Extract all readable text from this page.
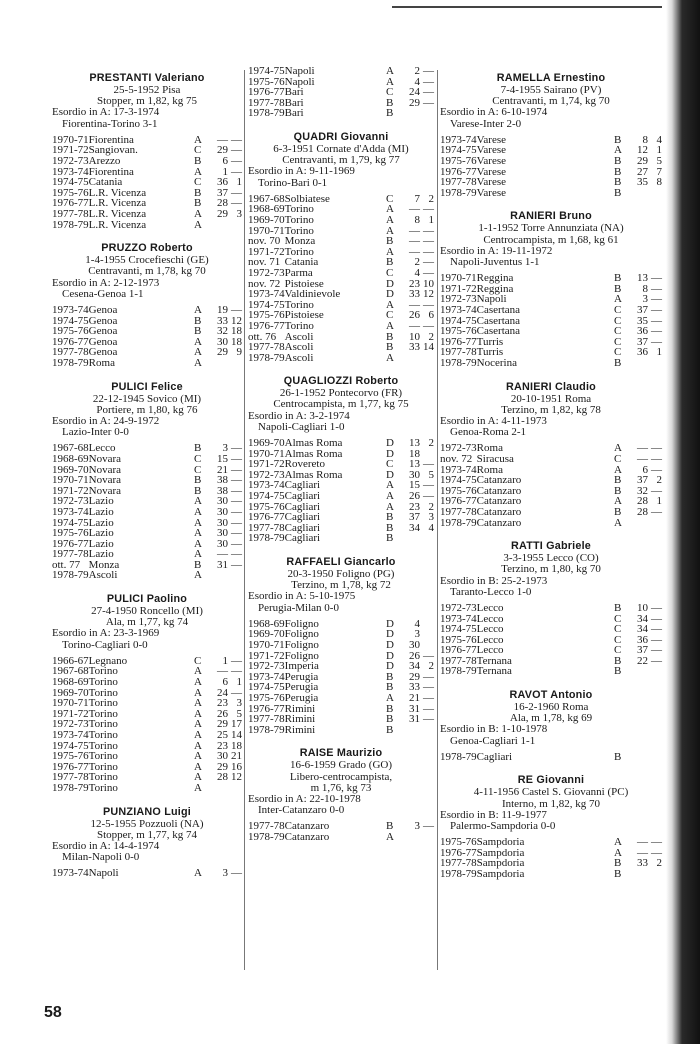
PRESTANTI Valeriano
25-5-1952 Pisa
Stopper, m 1,82, kg 75
Esordio in A: 17-3-1974
Fiorentina-Torino 3-1
1970-71	Fiorentina	A	—	—
1971-72	Sangiovan.	C	29	—
1972-73	Arezzo	B	6	—
1973-74	Fiorentina	A	1	—
1974-75	Catania	C	36	1
1975-76	L.R. Vicenza	B	37	—
1976-77	L.R. Vicenza	B	28	—
1977-78	L.R. Vicenza	A	29	3
1978-79	L.R. Vicenza	A		
PRUZZO Roberto
1-4-1955 Crocefieschi (GE)
Centravanti, m 1,78, kg 70
Esordio in A: 2-12-1973
Cesena-Genoa 1-1
1973-74	Genoa	A	19	—
1974-75	Genoa	B	33	12
1975-76	Genoa	B	32	18
1976-77	Genoa	A	30	18
1977-78	Genoa	A	29	9
1978-79	Roma	A		
PULICI Felice
22-12-1945 Sovico (MI)
Portiere, m 1,80, kg 76
Esordio in A: 24-9-1972
Lazio-Inter 0-0
1967-68	Lecco	B	3	—
1968-69	Novara	C	15	—
1969-70	Novara	C	21	—
1970-71	Novara	B	38	—
1971-72	Novara	B	38	—
1972-73	Lazio	A	30	—
1973-74	Lazio	A	30	—
1974-75	Lazio	A	30	—
1975-76	Lazio	A	30	—
1976-77	Lazio	A	30	—
1977-78	Lazio	A	—	—
ott. 77	Monza	B	31	—
1978-79	Ascoli	A		
PULICI Paolino
27-4-1950 Roncello (MI)
Ala, m 1,77, kg 74
Esordio in A: 23-3-1969
Torino-Cagliari 0-0
1966-67	Legnano	C	1	—
1967-68	Torino	A	—	—
1968-69	Torino	A	6	1
1969-70	Torino	A	24	—
1970-71	Torino	A	23	3
1971-72	Torino	A	26	5
1972-73	Torino	A	29	17
1973-74	Torino	A	25	14
1974-75	Torino	A	23	18
1975-76	Torino	A	30	21
1976-77	Torino	A	29	16
1977-78	Torino	A	28	12
1978-79	Torino	A		
PUNZIANO Luigi
12-5-1955 Pozzuoli (NA)
Stopper, m 1,77, kg 74
Esordio in A: 14-4-1974
Milan-Napoli 0-0
1973-74	Napoli	A	3	—
1974-75	Napoli	A	2	—
1975-76	Napoli	A	4	—
1976-77	Bari	C	24	—
1977-78	Bari	B	29	—
1978-79	Bari	B		
QUADRI Giovanni
6-3-1951 Cornate d'Adda (MI)
Centravanti, m 1,79, kg 77
Esordio in A: 9-11-1969
Torino-Bari 0-1
1967-68	Solbiatese	C	7	2
1968-69	Torino	A	—	—
1969-70	Torino	A	8	1
1970-71	Torino	A	—	—
nov. 70	Monza	B	—	—
1971-72	Torino	A	—	—
nov. 71	Catania	B	2	—
1972-73	Parma	C	4	—
nov. 72	Pistoiese	D	23	10
1973-74	Valdinievole	D	33	12
1974-75	Torino	A	—	—
1975-76	Pistoiese	C	26	6
1976-77	Torino	A	—	—
ott. 76	Ascoli	B	10	2
1977-78	Ascoli	B	33	14
1978-79	Ascoli	A		
QUAGLIOZZI Roberto
26-1-1952 Pontecorvo (FR)
Centrocampista, m 1,77, kg 75
Esordio in A: 3-2-1974
Napoli-Cagliari 1-0
1969-70	Almas Roma	D	13	2
1970-71	Almas Roma	D	18	
1971-72	Rovereto	C	13	—
1972-73	Almas Roma	D	30	5
1973-74	Cagliari	A	15	—
1974-75	Cagliari	A	26	—
1975-76	Cagliari	A	23	2
1976-77	Cagliari	B	37	3
1977-78	Cagliari	B	34	4
1978-79	Cagliari	B		
RAFFAELI Giancarlo
20-3-1950 Foligno (PG)
Terzino, m 1,78, kg 72
Esordio in A: 5-10-1975
Perugia-Milan 0-0
1968-69	Foligno	D	4	
1969-70	Foligno	D	3	
1970-71	Foligno	D	30	
1971-72	Foligno	D	26	—
1972-73	Imperia	D	34	2
1973-74	Perugia	B	29	—
1974-75	Perugia	B	33	—
1975-76	Perugia	A	21	—
1976-77	Rimini	B	31	—
1977-78	Rimini	B	31	—
1978-79	Rimini	B		
RAISE Maurizio
16-6-1959 Grado (GO)
Libero-centrocampista,
m 1,76, kg 73
Esordio in A: 22-10-1978
Inter-Catanzaro 0-0
1977-78	Catanzaro	B	3	—
1978-79	Catanzaro	A		
RAMELLA Ernestino
7-4-1955 Sairano (PV)
Centravanti, m 1,74, kg 70
Esordio in A: 6-10-1974
Varese-Inter 2-0
1973-74	Varese	B	8	4
1974-75	Varese	A	12	1
1975-76	Varese	B	29	5
1976-77	Varese	B	27	7
1977-78	Varese	B	35	8
1978-79	Varese	B		
RANIERI Bruno
1-1-1952 Torre Annunziata (NA)
Centrocampista, m 1,68, kg 61
Esordio in A: 19-11-1972
Napoli-Juventus 1-1
1970-71	Reggina	B	13	—
1971-72	Reggina	B	8	—
1972-73	Napoli	A	3	—
1973-74	Casertana	C	37	—
1974-75	Casertana	C	35	—
1975-76	Casertana	C	36	—
1976-77	Turris	C	37	—
1977-78	Turris	C	36	1
1978-79	Nocerina	B		
RANIERI Claudio
20-10-1951 Roma
Terzino, m 1,82, kg 78
Esordio in A: 4-11-1973
Genoa-Roma 2-1
1972-73	Roma	A	—	—
nov. 72	Siracusa	C	—	—
1973-74	Roma	A	6	—
1974-75	Catanzaro	B	37	2
1975-76	Catanzaro	B	32	—
1976-77	Catanzaro	A	28	1
1977-78	Catanzaro	B	28	—
1978-79	Catanzaro	A		
RATTI Gabriele
3-3-1955 Lecco (CO)
Terzino, m 1,80, kg 70
Esordio in B: 25-2-1973
Taranto-Lecco 1-0
1972-73	Lecco	B	10	—
1973-74	Lecco	C	34	—
1974-75	Lecco	C	34	—
1975-76	Lecco	C	36	—
1976-77	Lecco	C	37	—
1977-78	Ternana	B	22	—
1978-79	Ternana	B		
RAVOT Antonio
16-2-1960 Roma
Ala, m 1,78, kg 69
Esordio in B: 1-10-1978
Genoa-Cagliari 1-1
1978-79	Cagliari	B		
RE Giovanni
4-11-1956 Castel S. Giovanni (PC)
Interno, m 1,82, kg 70
Esordio in B: 11-9-1977
Palermo-Sampdoria 0-0
1975-76	Sampdoria	A	—	—
1976-77	Sampdoria	A	—	—
1977-78	Sampdoria	B	33	2
1978-79	Sampdoria	B		
58
